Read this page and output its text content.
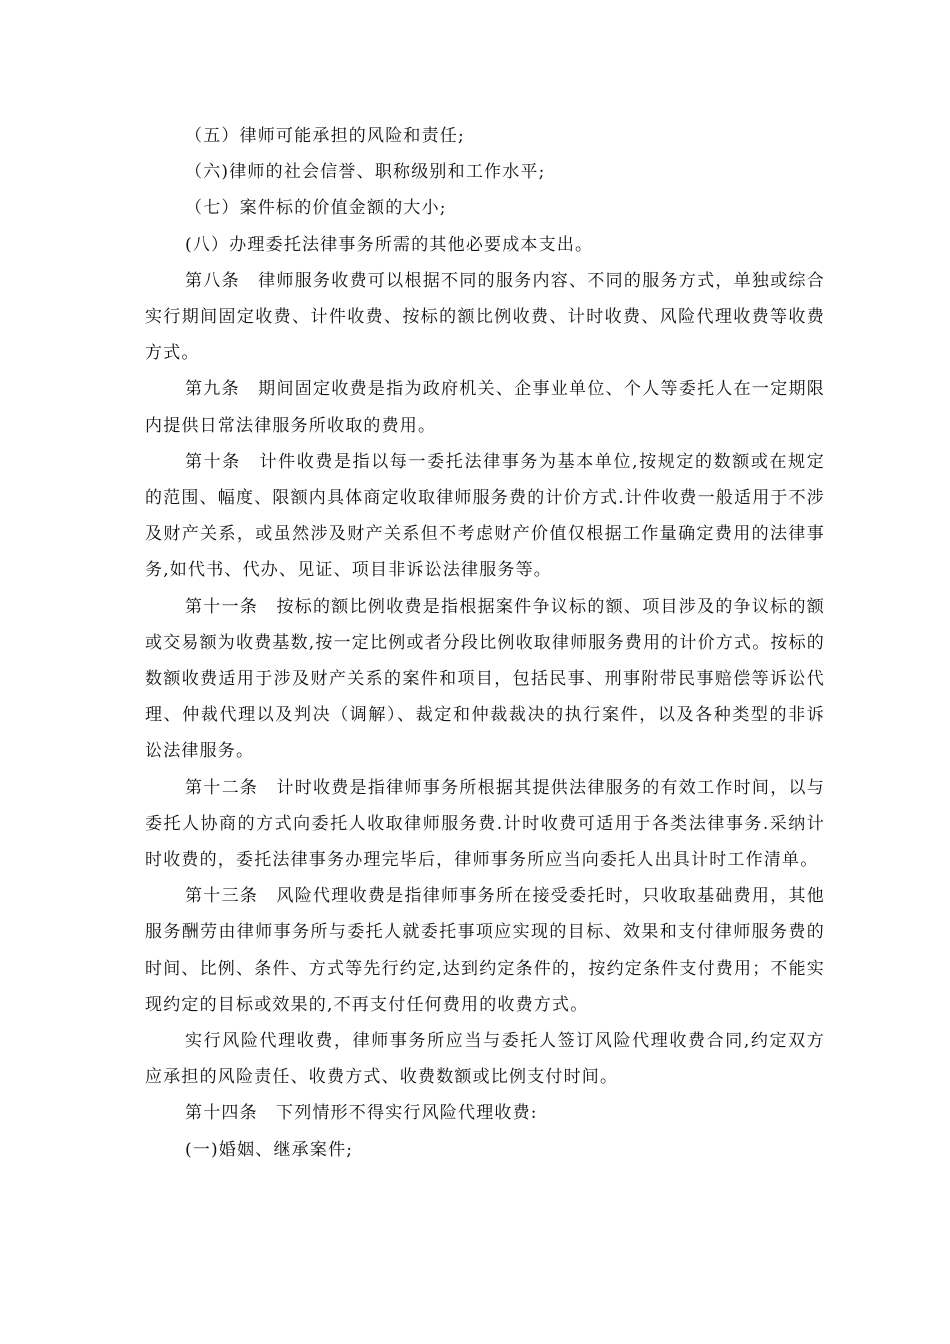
（五）律师可能承担的风险和责任;

（六)律师的社会信誉、职称级别和工作水平;

（七）案件标的价值金额的大小;

(八）办理委托法律事务所需的其他必要成本支出。

第八条　律师服务收费可以根据不同的服务内容、不同的服务方式，单独或综合实行期间固定收费、计件收费、按标的额比例收费、计时收费、风险代理收费等收费方式。

第九条　期间固定收费是指为政府机关、企事业单位、个人等委托人在一定期限内提供日常法律服务所收取的费用。

第十条　计件收费是指以每一委托法律事务为基本单位,按规定的数额或在规定的范围、幅度、限额内具体商定收取律师服务费的计价方式.计件收费一般适用于不涉及财产关系，或虽然涉及财产关系但不考虑财产价值仅根据工作量确定费用的法律事务,如代书、代办、见证、项目非诉讼法律服务等。

第十一条　按标的额比例收费是指根据案件争议标的额、项目涉及的争议标的额或交易额为收费基数,按一定比例或者分段比例收取律师服务费用的计价方式。按标的数额收费适用于涉及财产关系的案件和项目，包括民事、刑事附带民事赔偿等诉讼代理、仲裁代理以及判决（调解）、裁定和仲裁裁决的执行案件，以及各种类型的非诉讼法律服务。

第十二条　计时收费是指律师事务所根据其提供法律服务的有效工作时间，以与委托人协商的方式向委托人收取律师服务费.计时收费可适用于各类法律事务.采纳计时收费的，委托法律事务办理完毕后，律师事务所应当向委托人出具计时工作清单。

第十三条　风险代理收费是指律师事务所在接受委托时，只收取基础费用，其他服务酬劳由律师事务所与委托人就委托事项应实现的目标、效果和支付律师服务费的时间、比例、条件、方式等先行约定,达到约定条件的，按约定条件支付费用；不能实现约定的目标或效果的,不再支付任何费用的收费方式。

实行风险代理收费，律师事务所应当与委托人签订风险代理收费合同,约定双方应承担的风险责任、收费方式、收费数额或比例支付时间。

第十四条　下列情形不得实行风险代理收费:

(一)婚姻、继承案件;
